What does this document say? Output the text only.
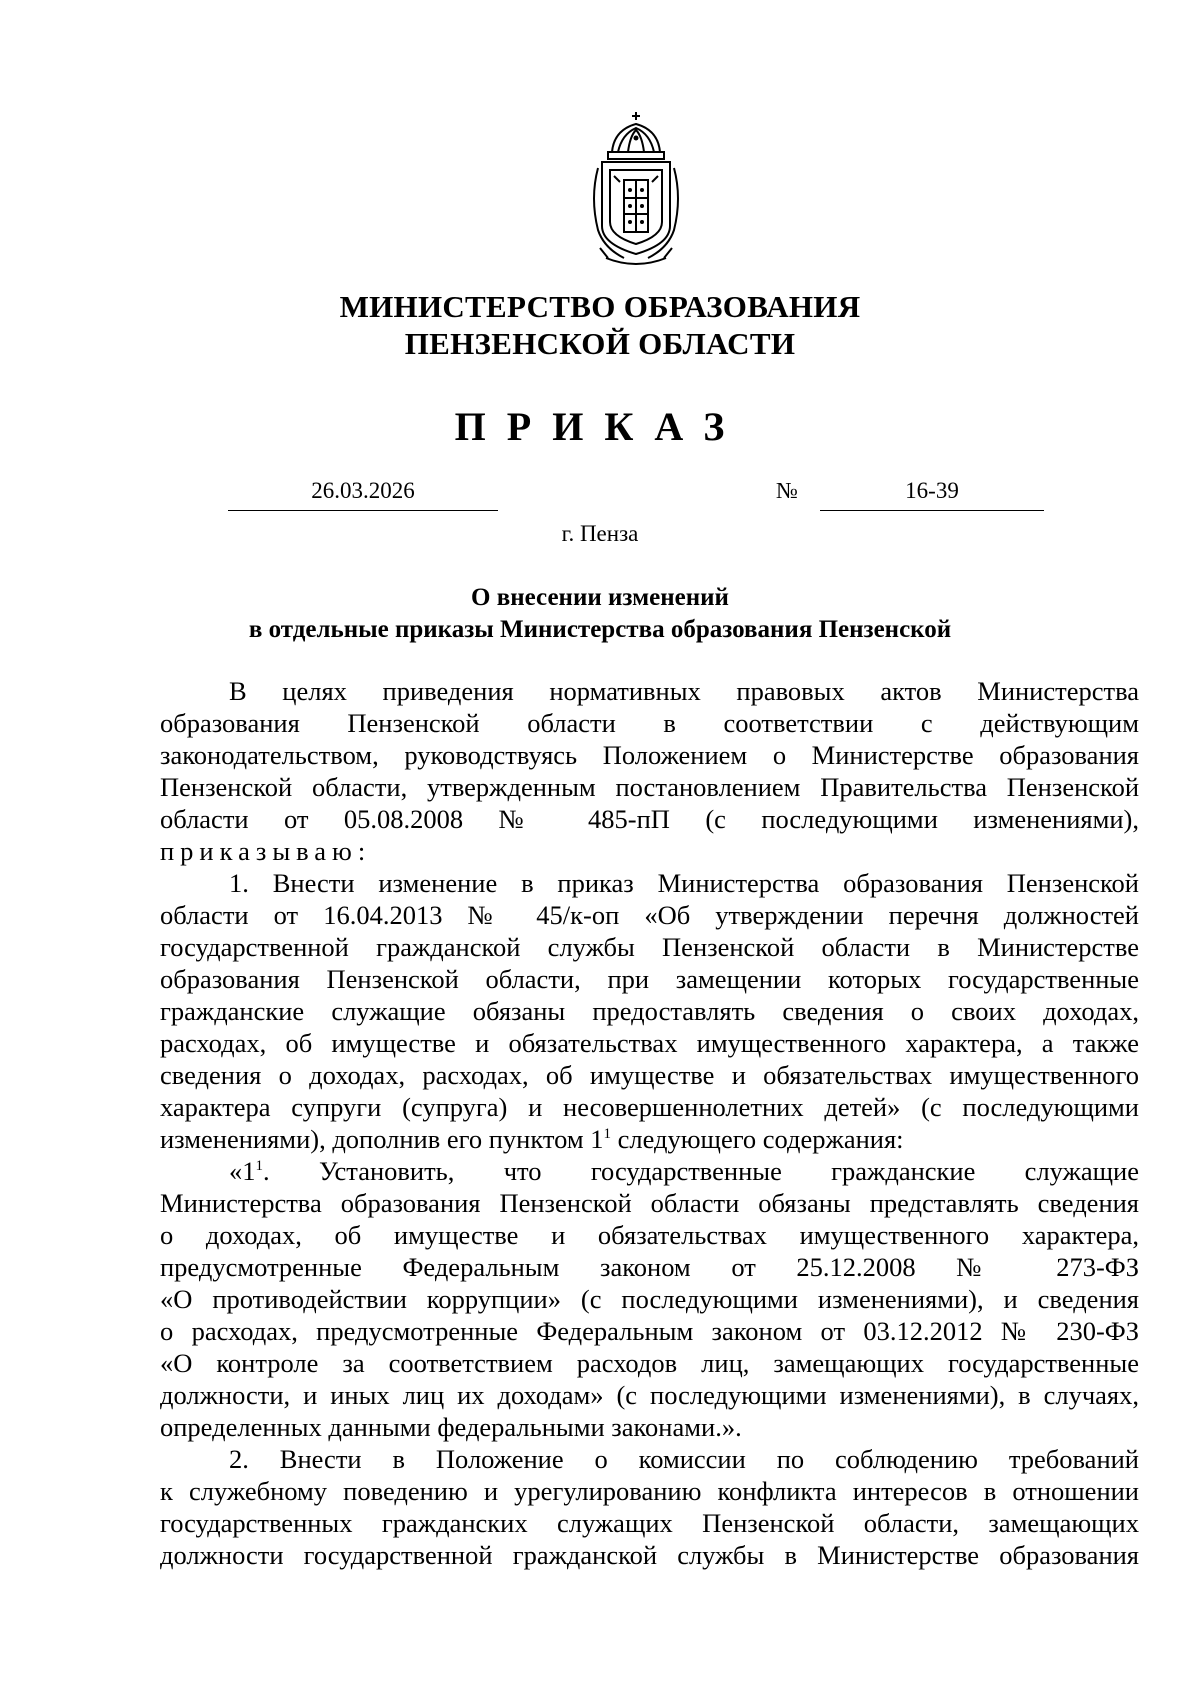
МИНИСТЕРСТВО ОБРАЗОВАНИЯ
ПЕНЗЕНСКОЙ ОБЛАСТИ
ПРИКАЗ
26.03.2026	№	16-39
г. Пенза
О внесении изменений
в отдельные приказы Министерства образования Пензенской

В целях приведения нормативных правовых актов Министерства

образования Пензенской области в соответствии с действующим

законодательством, руководствуясь Положением о Министерстве образования

Пензенской области, утвержденным постановлением Правительства Пензенской

области от 05.08.2008 № 485-пП (с последующими изменениями),

приказываю:

1. Внести изменение в приказ Министерства образования Пензенской

области от 16.04.2013 № 45/к-оп «Об утверждении перечня должностей

государственной гражданской службы Пензенской области в Министерстве

образования Пензенской области, при замещении которых государственные

гражданские служащие обязаны предоставлять сведения о своих доходах,

расходах, об имуществе и обязательствах имущественного характера, а также

сведения о доходах, расходах, об имуществе и обязательствах имущественного

характера супруги (супруга) и несовершеннолетних детей» (с последующими

изменениями), дополнив его пунктом $1^1$ следующего содержания:

«$1^1$. Установить, что государственные гражданские служащие

Министерства образования Пензенской области обязаны представлять сведения

о доходах, об имуществе и обязательствах имущественного характера,

предусмотренные Федеральным законом от 25.12.2008 № 273-ФЗ

«О противодействии коррупции» (с последующими изменениями), и сведения

о расходах, предусмотренные Федеральным законом от 03.12.2012 № 230-ФЗ

«О контроле за соответствием расходов лиц, замещающих государственные

должности, и иных лиц их доходам» (с последующими изменениями), в случаях,

определенных данными федеральными законами.».

2. Внести в Положение о комиссии по соблюдению требований

к служебному поведению и урегулированию конфликта интересов в отношении

государственных гражданских служащих Пензенской области, замещающих

должности государственной гражданской службы в Министерстве образования
